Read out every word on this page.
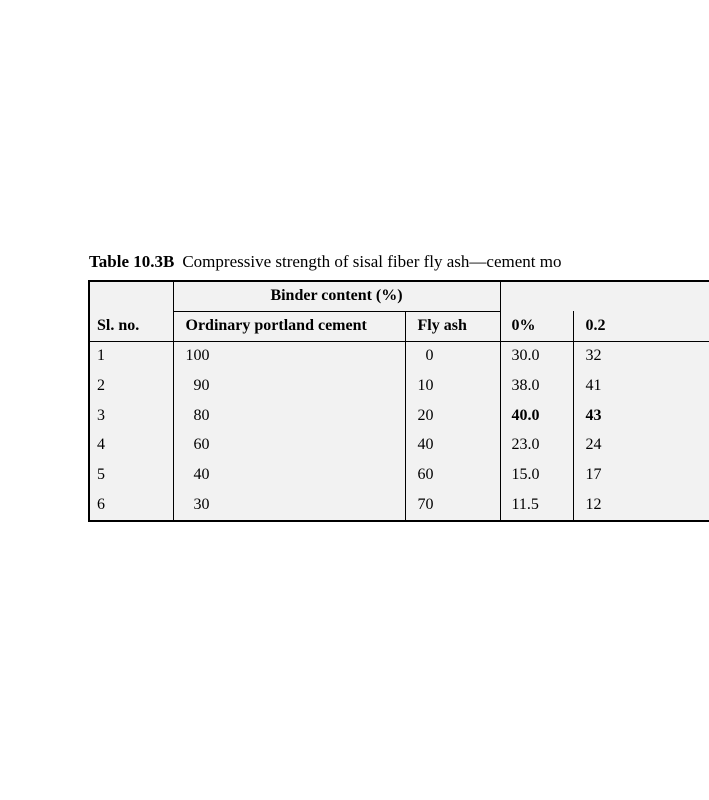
Table 10.3B Compressive strength of sisal fiber fly ash—cement mo
	Binder content (%)			
Sl. no.	Ordinary portland cement	Fly ash	0%	0.2
1	100	0	30.0	32
2	90	10	38.0	41
3	80	20	40.0	43
4	60	40	23.0	24
5	40	60	15.0	17
6	30	70	11.5	12
